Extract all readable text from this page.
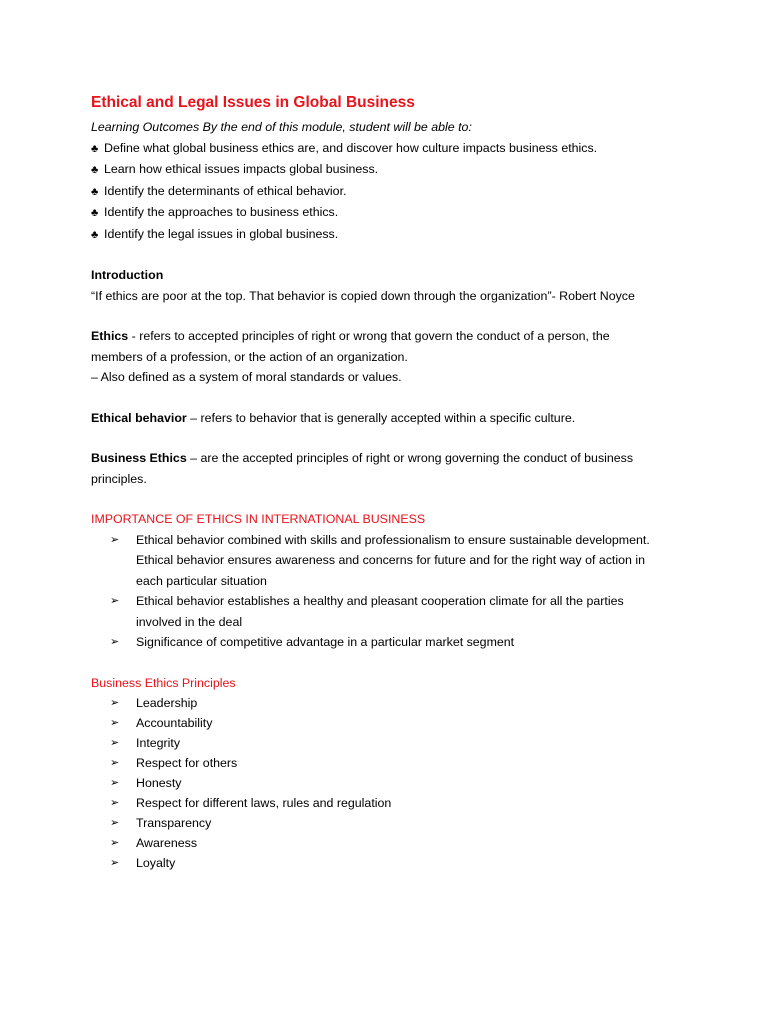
Ethical and Legal Issues in Global Business
Learning Outcomes By the end of this module, student will be able to:
♣ Define what global business ethics are, and discover how culture impacts business ethics.
♣ Learn how ethical issues impacts global business.
♣ Identify the determinants of ethical behavior.
♣ Identify the approaches to business ethics.
♣ Identify the legal issues in global business.
Introduction
“If ethics are poor at the top. That behavior is copied down through the organization”- Robert Noyce
Ethics - refers to accepted principles of right or wrong that govern the conduct of a person, the
members of a profession, or the action of an organization.
– Also defined as a system of moral standards or values.
Ethical behavior – refers to behavior that is generally accepted within a specific culture.
Business Ethics – are the accepted principles of right or wrong governing the conduct of business
principles.
IMPORTANCE OF ETHICS IN INTERNATIONAL BUSINESS
➢ Ethical behavior combined with skills and professionalism to ensure sustainable development.
Ethical behavior ensures awareness and concerns for future and for the right way of action in
each particular situation
➢ Ethical behavior establishes a healthy and pleasant cooperation climate for all the parties
involved in the deal
➢ Significance of competitive advantage in a particular market segment
Business Ethics Principles
➢ Leadership
➢ Accountability
➢ Integrity
➢ Respect for others
➢ Honesty
➢ Respect for different laws, rules and regulation
➢ Transparency
➢ Awareness
➢ Loyalty
